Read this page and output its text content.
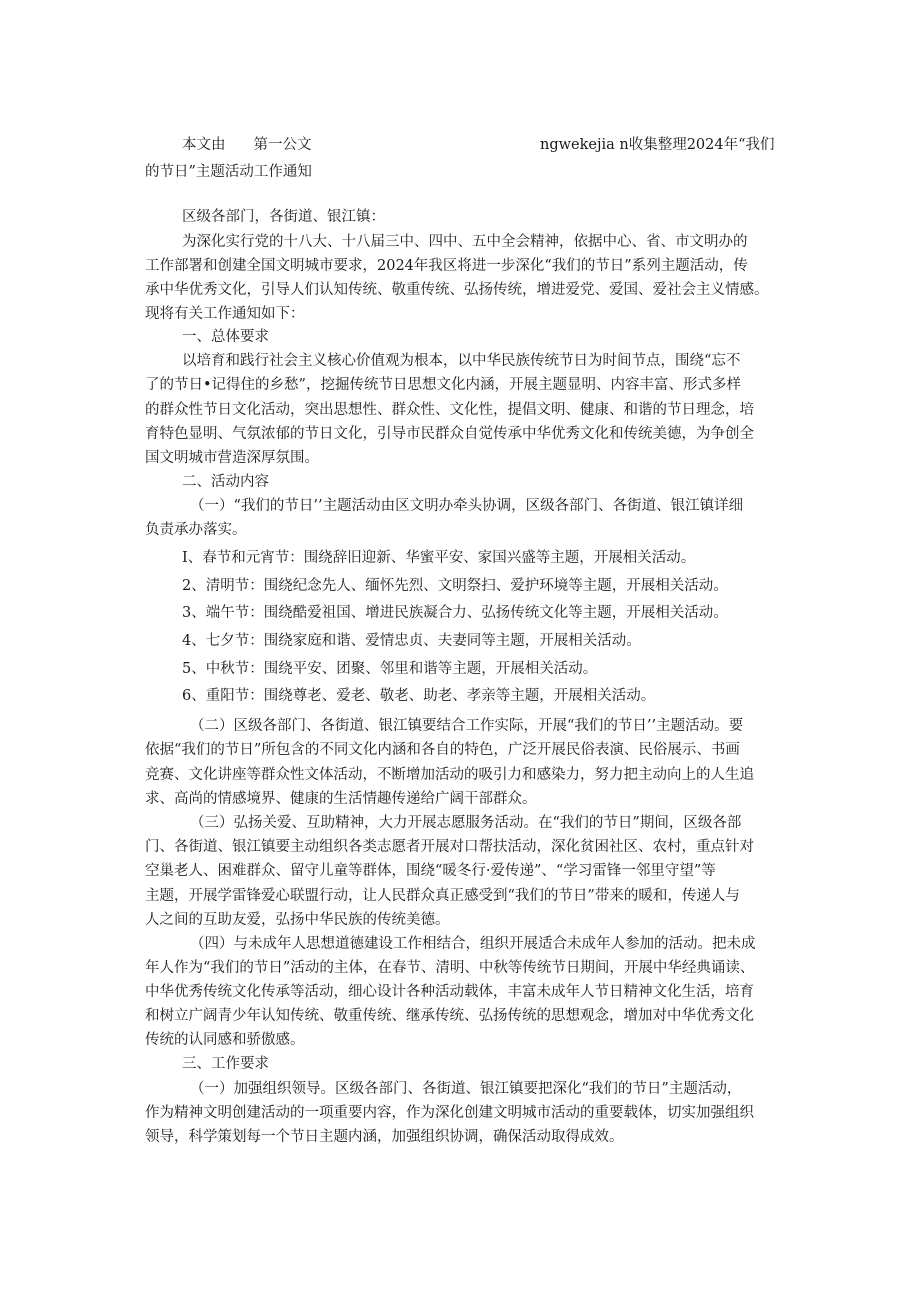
本文由 第一公文	ngwekejia n收集整理2024年“我们
的节日”主题活动工作通知
区级各部门，各街道、银江镇：
为深化实行党的十八大、十八届三中、四中、五中全会精神，依据中心、省、市文明办的
工作部署和创建全国文明城市要求，2024年我区将进一步深化“我们的节日”系列主题活动，传
承中华优秀文化，引导人们认知传统、敬重传统、弘扬传统，增进爱党、爱国、爱社会主义情感。
现将有关工作通知如下：
一、总体要求
以培育和践行社会主义核心价值观为根本，以中华民族传统节日为时间节点，围绕“忘不
了的节日•记得住的乡愁”，挖掘传统节日思想文化内涵，开展主题显明、内容丰富、形式多样
的群众性节日文化活动，突出思想性、群众性、文化性，提倡文明、健康、和谐的节日理念，培
育特色显明、气氛浓郁的节日文化，引导市民群众自觉传承中华优秀文化和传统美德，为争创全
国文明城市营造深厚氛围。
二、活动内容
（一）“我们的节日’’主题活动由区文明办牵头协调，区级各部门、各街道、银江镇详细
负责承办落实。
I、春节和元宵节：围绕辞旧迎新、华蜜平安、家国兴盛等主题，开展相关活动。
2、清明节：围绕纪念先人、缅怀先烈、文明祭扫、爱护环境等主题，开展相关活动。
3、端午节：围绕酷爱祖国、增进民族凝合力、弘扬传统文化等主题，开展相关活动。
4、七夕节：围绕家庭和谐、爱情忠贞、夫妻同等主题，开展相关活动。
5、中秋节：围绕平安、团聚、邻里和谐等主题，开展相关活动。
6、重阳节：围绕尊老、爱老、敬老、助老、孝亲等主题，开展相关活动。
（二）区级各部门、各街道、银江镇要结合工作实际，开展“我们的节日’’主题活动。要
依据“我们的节日”所包含的不同文化内涵和各自的特色，广泛开展民俗表演、民俗展示、书画
竞赛、文化讲座等群众性文体活动，不断增加活动的吸引力和感染力，努力把主动向上的人生追
求、高尚的情感境界、健康的生活情趣传递给广阔干部群众。
（三）弘扬关爱、互助精神，大力开展志愿服务活动。在“我们的节日”期间，区级各部
门、各街道、银江镇要主动组织各类志愿者开展对口帮扶活动，深化贫困社区、农村，重点针对
空巢老人、困难群众、留守儿童等群体，围绕“暖冬行·爱传递”、“学习雷锋一邻里守望”等
主题，开展学雷锋爱心联盟行动，让人民群众真正感受到“我们的节日”带来的暖和，传递人与
人之间的互助友爱，弘扬中华民族的传统美德。
（四）与未成年人思想道德建设工作相结合，组织开展适合未成年人参加的活动。把未成
年人作为“我们的节日”活动的主体，在春节、清明、中秋等传统节日期间，开展中华经典诵读、
中华优秀传统文化传承等活动，细心设计各种活动载体，丰富未成年人节日精神文化生活，培育
和树立广阔青少年认知传统、敬重传统、继承传统、弘扬传统的思想观念，增加对中华优秀文化
传统的认同感和骄傲感。
三、工作要求
（一）加强组织领导。区级各部门、各街道、银江镇要把深化“我们的节日”主题活动，
作为精神文明创建活动的一项重要内容，作为深化创建文明城市活动的重要载体，切实加强组织
领导，科学策划每一个节日主题内涵，加强组织协调，确保活动取得成效。
